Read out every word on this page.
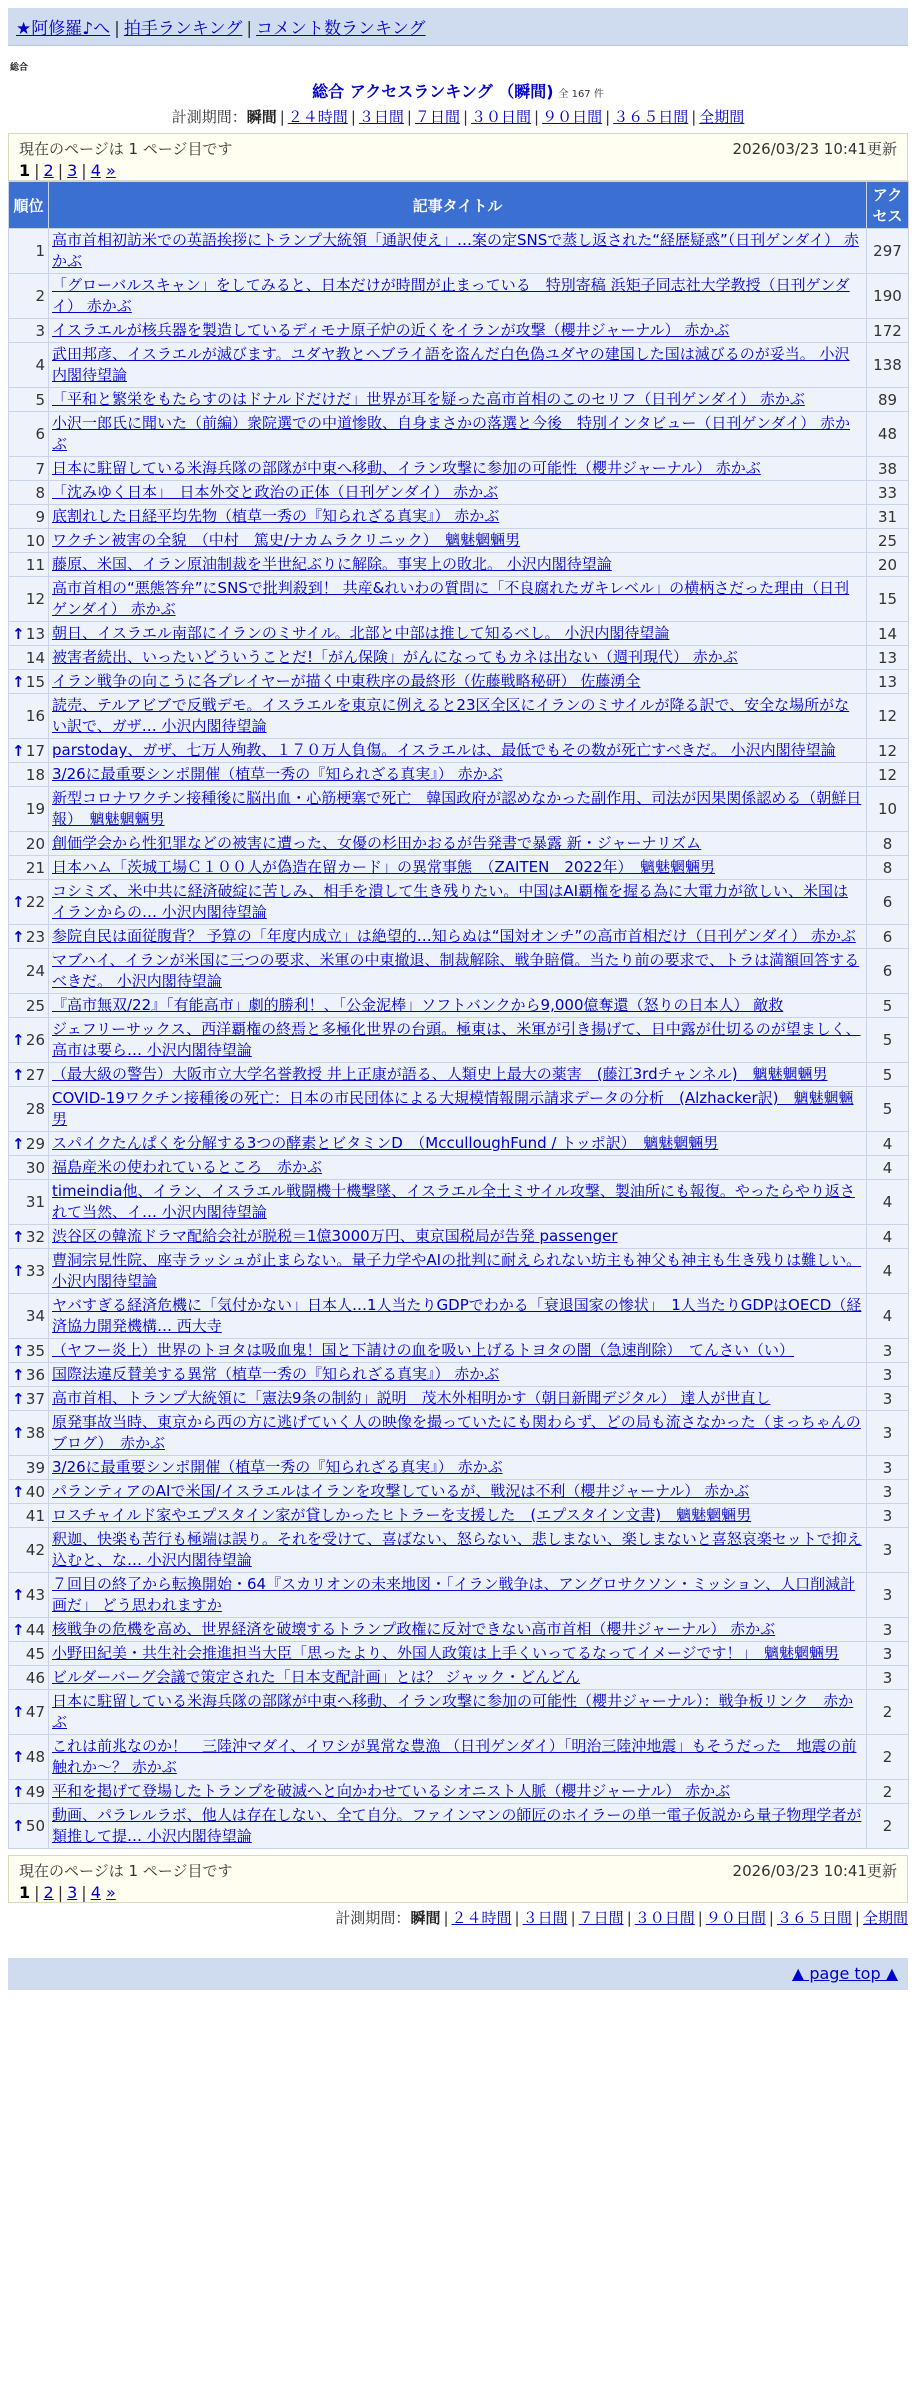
★阿修羅♪へ | 拍手ランキング | コメント数ランキング
総合
総合 アクセスランキング （瞬間) 全 167 件
計測期間：瞬間 | ２４時間 | ３日間 | ７日間 | ３０日間 | ９０日間 | ３６５日間 | 全期間
現在のページは 1 ページ目です	2026/03/23 10:41更新
1 | 2 | 3 | 4 »
順位	記事タイトル	アクセス
1	高市首相初訪米での英語挨拶にトランプ大統領「通訳使え」…案の定SNSで蒸し返された“経歴疑惑”（日刊ゲンダイ） 赤かぶ	297
2	「グローバルスキャン」をしてみると、日本だけが時間が止まっている　特別寄稿 浜矩子同志社大学教授（日刊ゲンダイ） 赤かぶ	190
3	イスラエルが核兵器を製造しているディモナ原子炉の近くをイランが攻撃（櫻井ジャーナル） 赤かぶ	172
4	武田邦彦、イスラエルが滅びます。ユダヤ教とヘブライ語を盗んだ白色偽ユダヤの建国した国は滅びるのが妥当。 小沢内閣待望論	138
5	「平和と繁栄をもたらすのはドナルドだけだ」世界が耳を疑った高市首相のこのセリフ（日刊ゲンダイ） 赤かぶ	89
6	小沢一郎氏に聞いた（前編）衆院選での中道惨敗、自身まさかの落選と今後　特別インタビュー（日刊ゲンダイ） 赤かぶ	48
7	日本に駐留している米海兵隊の部隊が中東へ移動、イラン攻撃に参加の可能性（櫻井ジャーナル） 赤かぶ	38
8	「沈みゆく日本」　日本外交と政治の正体（日刊ゲンダイ） 赤かぶ	33
9	底割れした日経平均先物（植草一秀の『知られざる真実』） 赤かぶ	31
10	ワクチン被害の全貌　（中村　篤史/ナカムラクリニック）　魑魅魍魎男	25
11	藤原、米国、イラン原油制裁を半世紀ぶりに解除。事実上の敗北。 小沢内閣待望論	20
12	高市首相の“悪態答弁”にSNSで批判殺到！ 共産&れいわの質問に「不良腐れたガキレベル」の横柄さだった理由（日刊ゲンダイ） 赤かぶ	15

↑ 13	朝日、イスラエル南部にイランのミサイル。北部と中部は推して知るべし。 小沢内閣待望論	14
14	被害者続出、いったいどういうことだ!「がん保険」がんになってもカネは出ない（週刊現代） 赤かぶ	13

↑ 15	イラン戦争の向こうに各プレイヤーが描く中東秩序の最終形（佐藤戦略秘研） 佐藤湧全	13
16	読売、テルアビブで反戦デモ。イスラエルを東京に例えると23区全区にイランのミサイルが降る訳で、安全な場所がない訳で、ガザ… 小沢内閣待望論	12

↑ 17	parstoday、ガザ、七万人殉教、１７０万人負傷。イスラエルは、最低でもその数が死亡すべきだ。 小沢内閣待望論	12
18	3/26に最重要シンポ開催（植草一秀の『知られざる真実』） 赤かぶ	12
19	新型コロナワクチン接種後に脳出血・心筋梗塞で死亡　韓国政府が認めなかった副作用、司法が因果関係認める（朝鮮日報）　魑魅魍魎男	10
20	創価学会から性犯罪などの被害に遭った、女優の杉田かおるが告発書で暴露 新・ジャーナリズム	8
21	日本ハム「茨城工場Ｃ１００人が偽造在留カード」の異常事態　（ZAITEN　2022年）　魑魅魍魎男	8

↑ 22	コシミズ、米中共に経済破綻に苦しみ、相手を潰して生き残りたい。中国はAI覇権を握る為に大電力が欲しい、米国はイランからの… 小沢内閣待望論	6

↑ 23	参院自民は面従腹背？ 予算の「年度内成立」は絶望的…知らぬは“国対オンチ”の高市首相だけ（日刊ゲンダイ） 赤かぶ	6
24	マブハイ、イランが米国に三つの要求、米軍の中東撤退、制裁解除、戦争賠償。当たり前の要求で、トラは満額回答するべきだ。 小沢内閣待望論	6
25	『高市無双/22』「有能高市」劇的勝利！、「公金泥棒」ソフトバンクから9,000億奪還（怒りの日本人） 敵救	5

↑ 26	ジェフリーサックス、西洋覇権の終焉と多極化世界の台頭。極東は、米軍が引き揚げて、日中露が仕切るのが望ましく、高市は要ら… 小沢内閣待望論	5

↑ 27	（最大級の警告）大阪市立大学名誉教授 井上正康が語る、人類史上最大の薬害　(藤江3rdチャンネル)　魑魅魍魎男	5
28	COVID-19ワクチン接種後の死亡：日本の市民団体による大規模情報開示請求データの分析　(Alzhacker訳)　魑魅魍魎男	5

↑ 29	スパイクたんぱくを分解する3つの酵素とビタミンD　（McculloughFund / トッポ訳）　魑魅魍魎男	4
30	福島産米の使われているところ　赤かぶ	4
31	timeindia他、イラン、イスラエル戦闘機十機撃墜、イスラエル全土ミサイル攻撃、製油所にも報復。やったらやり返されて当然、イ… 小沢内閣待望論	4

↑ 32	渋谷区の韓流ドラマ配給会社が脱税＝1億3000万円、東京国税局が告発 passenger	4

↑ 33	曹洞宗見性院、座寺ラッシュが止まらない。量子力学やAIの批判に耐えられない坊主も神父も神主も生き残りは難しい。 小沢内閣待望論	4
34	ヤバすぎる経済危機に「気付かない」日本人…1人当たりGDPでわかる「衰退国家の惨状」　1人当たりGDPはOECD（経済協力開発機構… 西大寺	4

↑ 35	（ヤフー炎上）世界のトヨタは吸血鬼！国と下請けの血を吸い上げるトヨタの闇（急速削除）　てんさい（い）	3

↑ 36	国際法違反賛美する異常（植草一秀の『知られざる真実』） 赤かぶ	3

↑ 37	高市首相、トランプ大統領に「憲法9条の制約」説明　茂木外相明かす（朝日新聞デジタル） 達人が世直し	3

↑ 38	原発事故当時、東京から西の方に逃げていく人の映像を撮っていたにも関わらず、どの局も流さなかった（まっちゃんのブログ）　赤かぶ	3
39	3/26に最重要シンポ開催（植草一秀の『知られざる真実』） 赤かぶ	3

↑ 40	パランティアのAIで米国/イスラエルはイランを攻撃しているが、戦況は不利（櫻井ジャーナル） 赤かぶ	3
41	ロスチャイルド家やエプスタイン家が貸しかったヒトラーを支援した　(エプスタイン文書)　魑魅魍魎男	3
42	釈迦、快楽も苦行も極端は誤り。それを受けて、喜ばない、怒らない、悲しまない、楽しまないと喜怒哀楽セットで抑え込むと、な… 小沢内閣待望論	3

↑ 43	７回目の終了から転換開始・64『スカリオンの未来地図・「イラン戦争は、アングロサクソン・ミッション、人口削減計画だ」 どう思われますか	3

↑ 44	核戦争の危機を高め、世界経済を破壊するトランプ政権に反対できない高市首相（櫻井ジャーナル） 赤かぶ	3
45	小野田紀美・共生社会推進担当大臣「思ったより、外国人政策は上手くいってるなってイメージです！」　魑魅魍魎男	3
46	ビルダーバーグ会議で策定された「日本支配計画」とは？ ジャック・どんどん	3

↑ 47	日本に駐留している米海兵隊の部隊が中東へ移動、イラン攻撃に参加の可能性（櫻井ジャーナル）：戦争板リンク　赤かぶ	2

↑ 48	これは前兆なのか！　三陸沖マダイ、イワシが異常な豊漁 （日刊ゲンダイ）「明治三陸沖地震」もそうだった　地震の前触れか～？ 赤かぶ	2

↑ 49	平和を掲げて登場したトランプを破滅へと向かわせているシオニスト人脈（櫻井ジャーナル） 赤かぶ	2

↑ 50	動画、パラレルラボ、他人は存在しない、全て自分。ファインマンの師匠のホイラーの単一電子仮説から量子物理学者が類推して提… 小沢内閣待望論	2
現在のページは 1 ページ目です	2026/03/23 10:41更新
1 | 2 | 3 | 4 »
計測期間：瞬間 | ２４時間 | ３日間 | ７日間 | ３０日間 | ９０日間 | ３６５日間 | 全期間
▲ page top ▲
